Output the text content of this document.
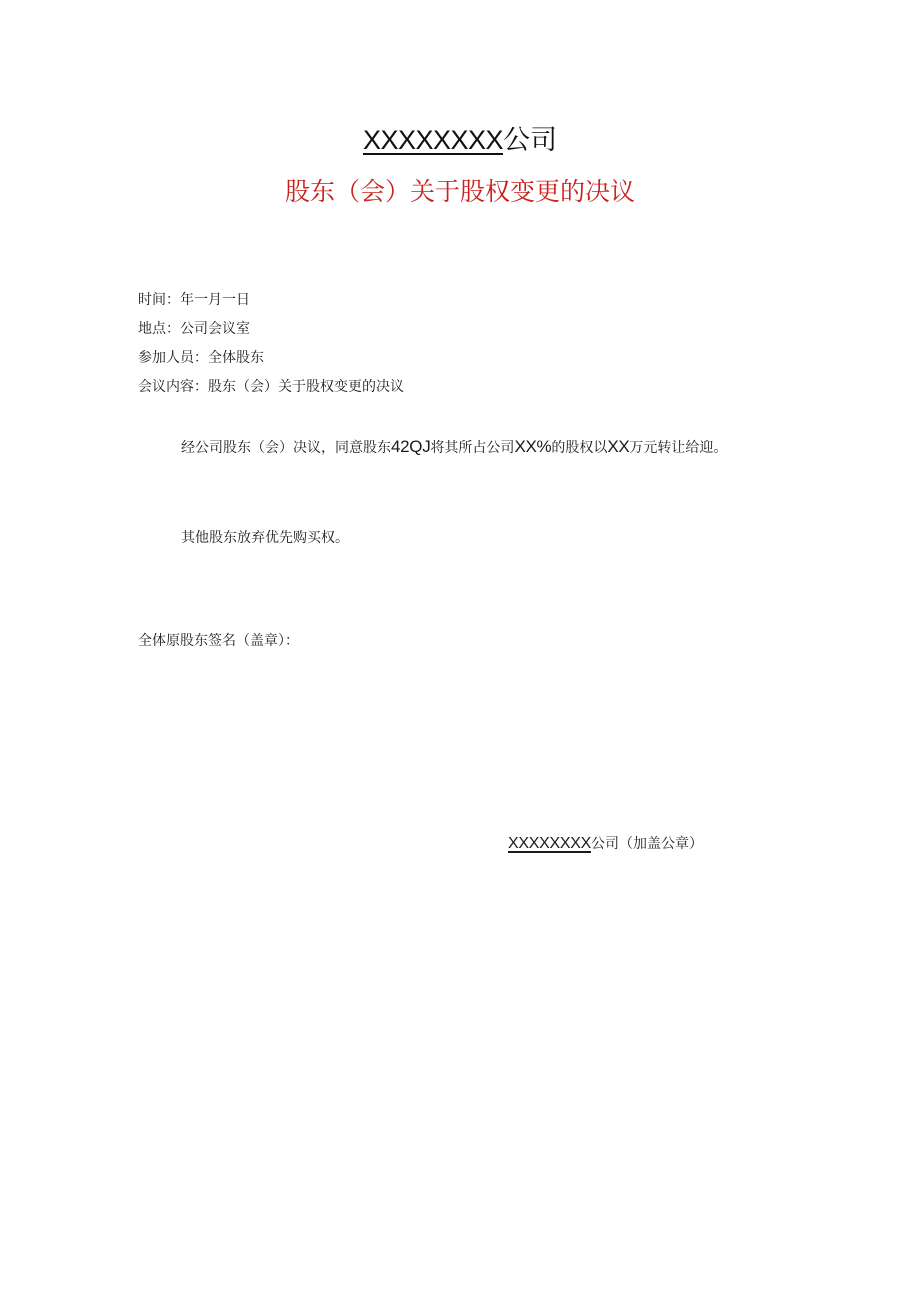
XXXXXXXX公司
股东（会）关于股权变更的决议
时间：年一月一日
地点：公司会议室
参加人员：全体股东
会议内容：股东（会）关于股权变更的决议
经公司股东（会）决议，同意股东42QJ将其所占公司XX%的股权以XX万元转让给迎。
其他股东放弃优先购买权。
全体原股东签名（盖章）：
XXXXXXXX公司（加盖公章）
